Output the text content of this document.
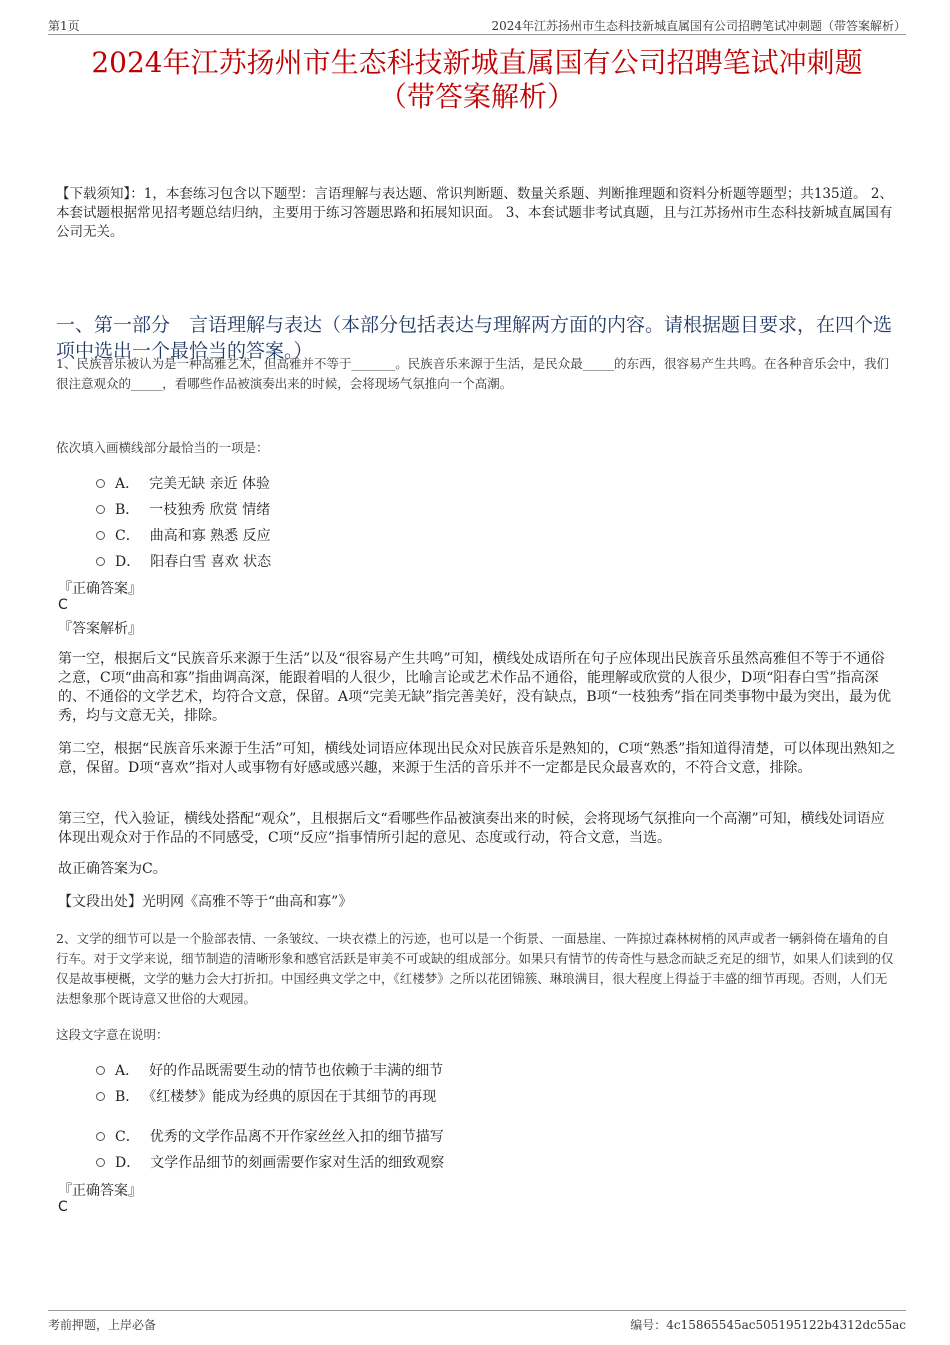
第1页	2024年江苏扬州市生态科技新城直属国有公司招聘笔试冲刺题（带答案解析）
2024年江苏扬州市生态科技新城直属国有公司招聘笔试冲刺题
（带答案解析）
【下载须知】：1，本套练习包含以下题型：言语理解与表达题、常识判断题、数量关系题、判断推理题和资料分析题等题型；共135道。 2、本套试题根据常见招考题总结归纳，主要用于练习答题思路和拓展知识面。 3、本套试题非考试真题，且与江苏扬州市生态科技新城直属国有公司无关。
一、第一部分　言语理解与表达（本部分包括表达与理解两方面的内容。请根据题目要求，在四个选项中选出一个最恰当的答案。）
1、民族音乐被认为是一种高雅艺术，但高雅并不等于_______。民族音乐来源于生活，是民众最_____的东西，很容易产生共鸣。在各种音乐会中，我们很注意观众的_____，看哪些作品被演奏出来的时候，会将现场气氛推向一个高潮。
依次填入画横线部分最恰当的一项是：
A． 完美无缺 亲近 体验
B． 一枝独秀 欣赏 情绪
C． 曲高和寡 熟悉 反应
D． 阳春白雪 喜欢 状态
『正确答案』
C
『答案解析』
第一空，根据后文“民族音乐来源于生活”以及“很容易产生共鸣”可知，横线处成语所在句子应体现出民族音乐虽然高雅但不等于不通俗之意，C项“曲高和寡”指曲调高深，能跟着唱的人很少，比喻言论或艺术作品不通俗，能理解或欣赏的人很少，D项“阳春白雪”指高深的、不通俗的文学艺术，均符合文意，保留。A项“完美无缺”指完善美好，没有缺点，B项“一枝独秀”指在同类事物中最为突出，最为优秀，均与文意无关，排除。
第二空，根据“民族音乐来源于生活”可知，横线处词语应体现出民众对民族音乐是熟知的，C项“熟悉”指知道得清楚，可以体现出熟知之意，保留。D项“喜欢”指对人或事物有好感或感兴趣，来源于生活的音乐并不一定都是民众最喜欢的，不符合文意，排除。
第三空，代入验证，横线处搭配“观众”，且根据后文“看哪些作品被演奏出来的时候，会将现场气氛推向一个高潮”可知，横线处词语应体现出观众对于作品的不同感受，C项“反应”指事情所引起的意见、态度或行动，符合文意，当选。
故正确答案为C。
【文段出处】光明网《高雅不等于“曲高和寡”》
2、文学的细节可以是一个脸部表情、一条皱纹、一块衣襟上的污迹，也可以是一个街景、一面悬崖、一阵掠过森林树梢的风声或者一辆斜倚在墙角的自行车。对于文学来说，细节制造的清晰形象和感官活跃是审美不可或缺的组成部分。如果只有情节的传奇性与悬念而缺乏充足的细节，如果人们读到的仅仅是故事梗概，文学的魅力会大打折扣。中国经典文学之中，《红楼梦》之所以花团锦簇、琳琅满目，很大程度上得益于丰盛的细节再现。否则，人们无法想象那个既诗意又世俗的大观园。
这段文字意在说明：
A． 好的作品既需要生动的情节也依赖于丰满的细节
B． 《红楼梦》能成为经典的原因在于其细节的再现
C． 优秀的文学作品离不开作家丝丝入扣的细节描写
D． 文学作品细节的刻画需要作家对生活的细致观察
『正确答案』
C
考前押题，上岸必备	编号：4c15865545ac505195122b4312dc55ac
